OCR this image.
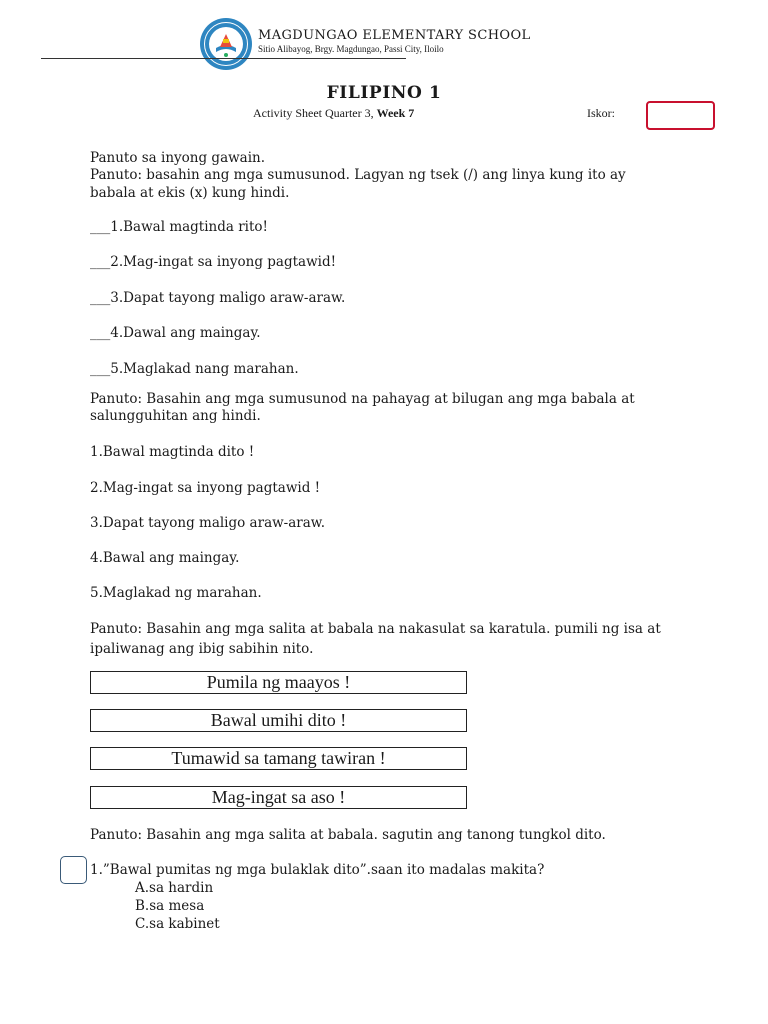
MAGDUNGAO ELEMENTARY SCHOOL
Sitio Alibayog, Brgy. Magdungao, Passi City, Iloilo
FILIPINO 1
Activity Sheet Quarter 3, Week 7	Iskor:
Panuto sa inyong gawain.
Panuto: basahin ang mga sumusunod. Lagyan ng tsek (/) ang linya kung ito ay
babala at ekis (x) kung hindi.
___1.Bawal magtinda rito!
___2.Mag-ingat sa inyong pagtawid!
___3.Dapat tayong maligo araw-araw.
___4.Dawal ang maingay.
___5.Maglakad nang marahan.
Panuto: Basahin ang mga sumusunod na pahayag at bilugan ang mga babala at
salungguhitan ang hindi.
1.Bawal magtinda dito !
2.Mag-ingat sa inyong pagtawid !
3.Dapat tayong maligo araw-araw.
4.Bawal ang maingay.
5.Maglakad ng marahan.
Panuto: Basahin ang mga salita at babala na nakasulat sa karatula. pumili ng isa at
ipaliwanag ang ibig sabihin nito.
Pumila ng maayos !
Bawal umihi dito !
Tumawid sa tamang tawiran !
Mag-ingat sa aso !
Panuto: Basahin ang mga salita at babala. sagutin ang tanong tungkol dito.
1.”Bawal pumitas ng mga bulaklak dito”.saan ito madalas makita?
A.sa hardin
B.sa mesa
C.sa kabinet
